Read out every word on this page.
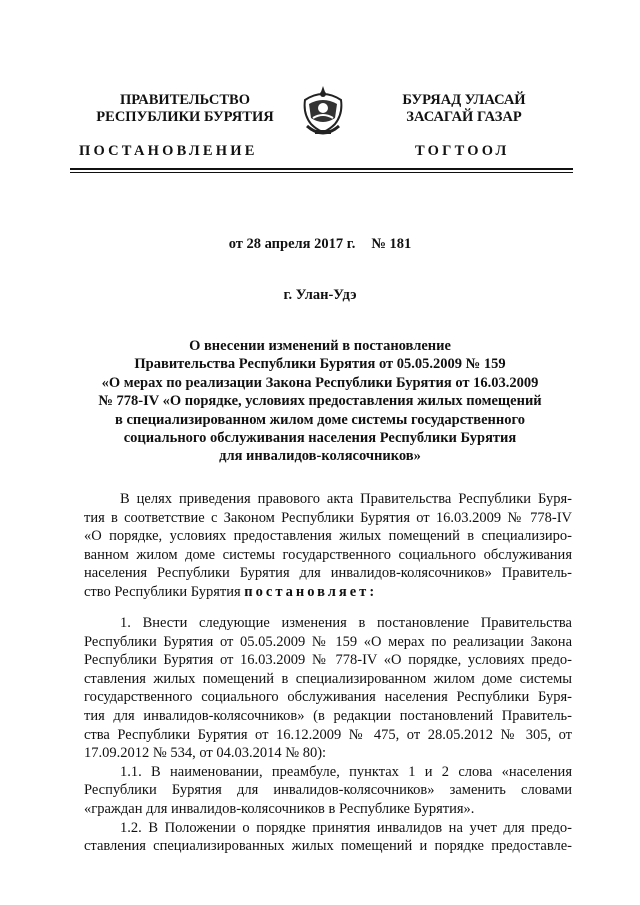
ПРАВИТЕЛЬСТВО
РЕСПУБЛИКИ БУРЯТИЯ
БУРЯАД УЛАСАЙ
ЗАСАГАЙ ГАЗАР
ПОСТАНОВЛЕНИЕ	ТОГТООЛ
от 28 апреля 2017 г. № 181
г. Улан-Удэ
О внесении изменений в постановление
Правительства Республики Бурятия от 05.05.2009 № 159
«О мерах по реализации Закона Республики Бурятия от 16.03.2009
№ 778-IV «О порядке, условиях предоставления жилых помещений
в специализированном жилом доме системы государственного
социального обслуживания населения Республики Бурятия
для инвалидов-колясочников»
В целях приведения правового акта Правительства Республики Буря-
тия в соответствие с Законом Республики Бурятия от 16.03.2009 № 778-IV
«О порядке, условиях предоставления жилых помещений в специализиро-
ванном жилом доме системы государственного социального обслуживания
населения Республики Бурятия для инвалидов-колясочников» Правитель-
ство Республики Бурятия постановляет:
1. Внести следующие изменения в постановление Правительства
Республики Бурятия от 05.05.2009 № 159 «О мерах по реализации Закона
Республики Бурятия от 16.03.2009 № 778-IV «О порядке, условиях предо-
ставления жилых помещений в специализированном жилом доме системы
государственного социального обслуживания населения Республики Буря-
тия для инвалидов-колясочников» (в редакции постановлений Правитель-
ства Республики Бурятия от 16.12.2009 № 475, от 28.05.2012 № 305, от
17.09.2012 № 534, от 04.03.2014 № 80):
1.1. В наименовании, преамбуле, пунктах 1 и 2 слова «населения
Республики Бурятия для инвалидов-колясочников» заменить словами
«граждан для инвалидов-колясочников в Республике Бурятия».
1.2. В Положении о порядке принятия инвалидов на учет для предо-
ставления специализированных жилых помещений и порядке предоставле-
